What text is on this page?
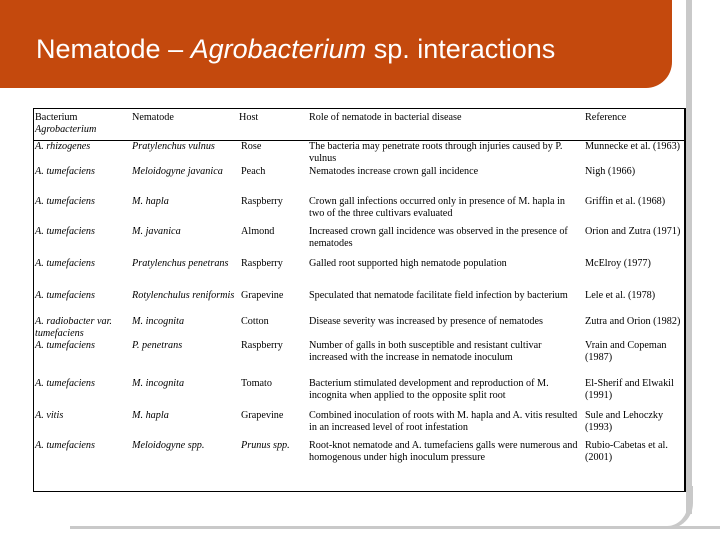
Nematode – Agrobacterium sp. interactions
Bacterium
Agrobacterium	Nematode	Host	Role of nematode in bacterial disease	Reference
A. rhizogenes	Pratylenchus vulnus	Rose	The bacteria may penetrate roots through injuries caused by P. vulnus	Munnecke et al. (1963)
A. tumefaciens	Meloidogyne javanica	Peach	Nematodes increase crown gall incidence	Nigh (1966)
A. tumefaciens	M. hapla	Raspberry	Crown gall infections occurred only in presence of M. hapla in two of the three cultivars evaluated	Griffin et al. (1968)
A. tumefaciens	M. javanica	Almond	Increased crown gall incidence was observed in the presence of nematodes	Orion and Zutra (1971)
A. tumefaciens	Pratylenchus penetrans	Raspberry	Galled root supported high nematode population	McElroy (1977)
A. tumefaciens	Rotylenchulus reniformis	Grapevine	Speculated that nematode facilitate field infection by bacterium	Lele et al. (1978)
A. radiobacter var. tumefaciens	M. incognita	Cotton	Disease severity was increased by presence of nematodes	Zutra and Orion (1982)
A. tumefaciens	P. penetrans	Raspberry	Number of galls in both susceptible and resistant cultivar increased with the increase in nematode inoculum	Vrain and Copeman (1987)
A. tumefaciens	M. incognita	Tomato	Bacterium stimulated development and reproduction of M. incognita when applied to the opposite split root	El-Sherif and Elwakil (1991)
A. vitis	M. hapla	Grapevine	Combined inoculation of roots with M. hapla and A. vitis resulted in an increased level of root infestation	Sule and Lehoczky (1993)
A. tumefaciens	Meloidogyne spp.	Prunus spp.	Root-knot nematode and A. tumefaciens galls were numerous and homogenous under high inoculum pressure	Rubio-Cabetas et al. (2001)
